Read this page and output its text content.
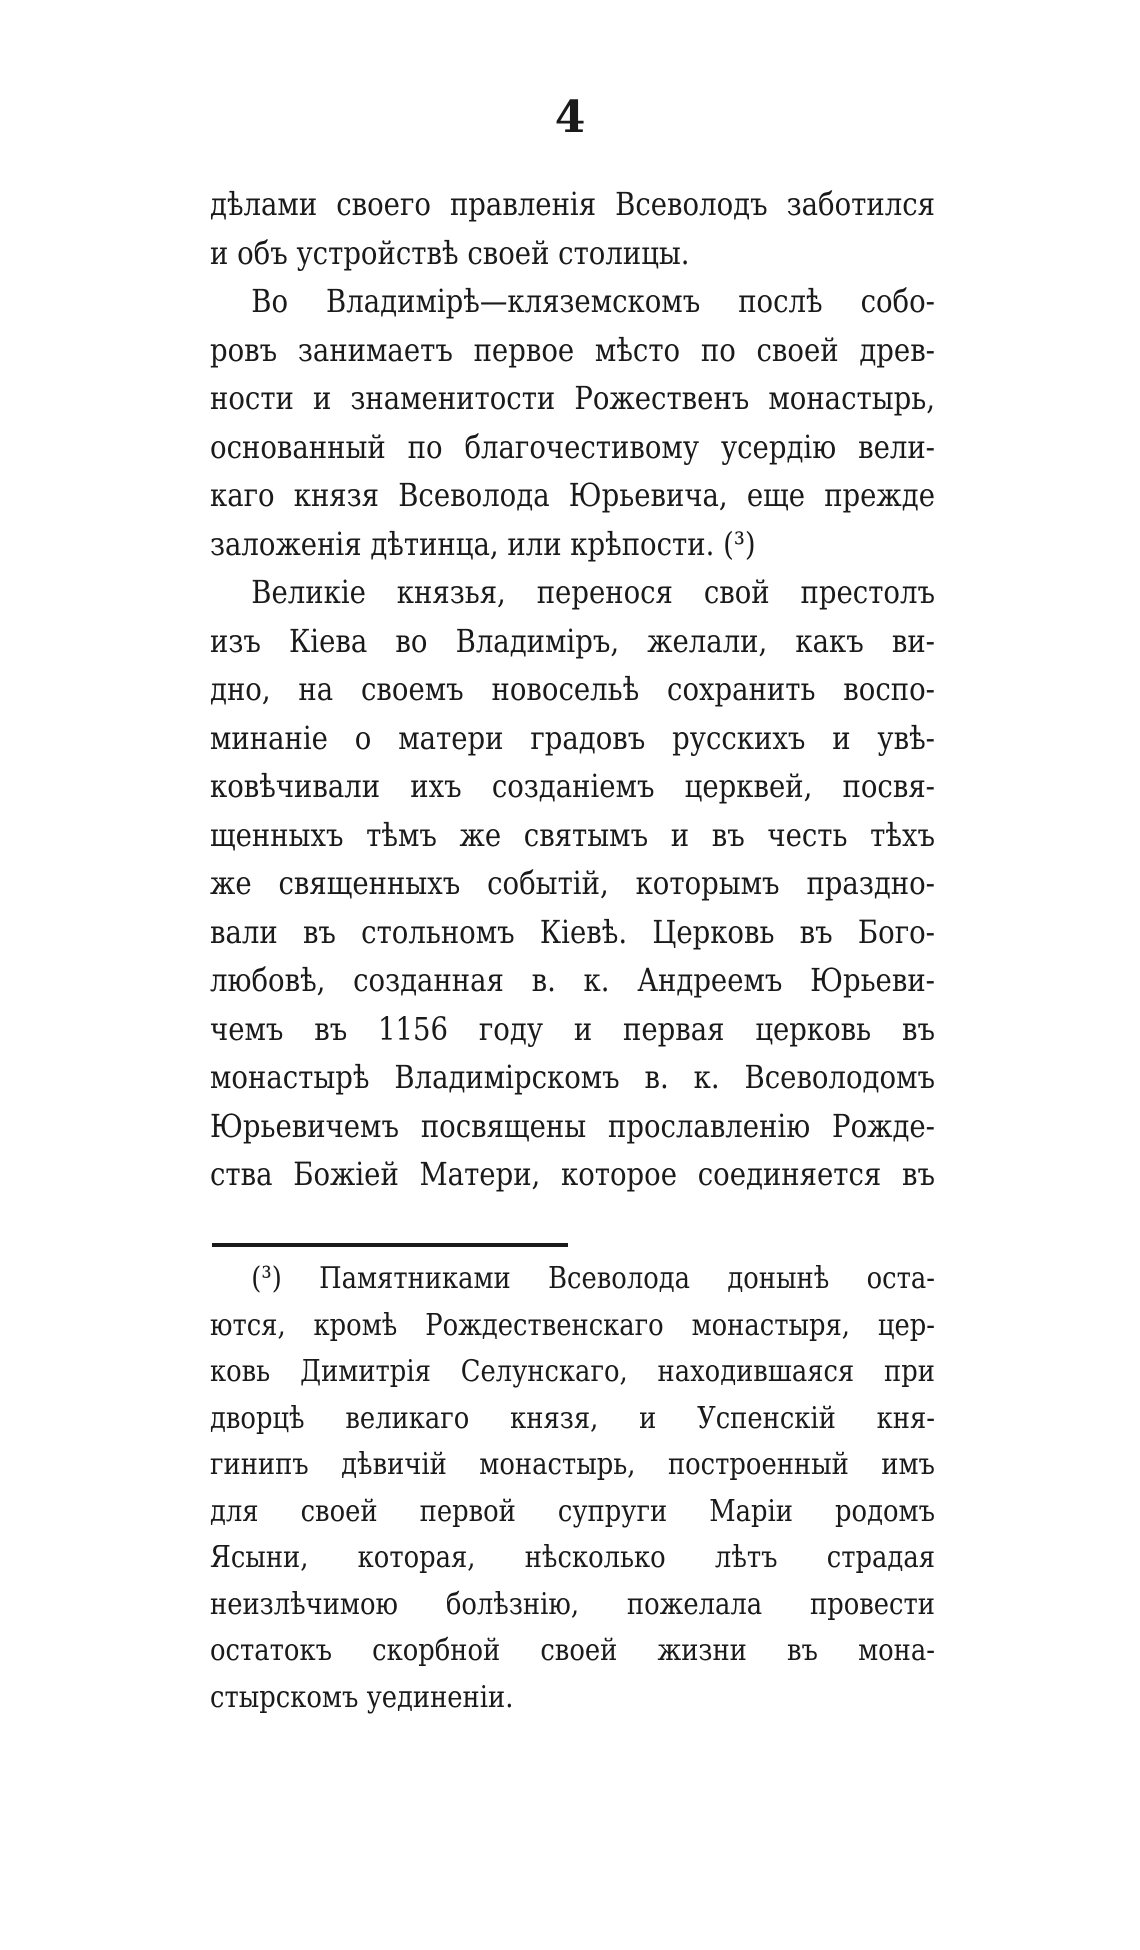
4
дѣлами своего правленія Всеволодъ заботился
и объ устройствѣ своей столицы.
Во Владимірѣ—кляземскомъ послѣ собо-
ровъ занимаетъ первое мѣсто по своей древ-
ности и знаменитости Рожественъ монастырь,
основанный по благочестивому усердію вели-
каго князя Всеволода Юрьевича, еще прежде
заложенія дѣтинца, или крѣпости. (³)
Великіе князья, перенося свой престолъ
изъ Кіева во Владиміръ, желали, какъ ви-
дно, на своемъ новосельѣ сохранить воспо-
минаніе о матери градовъ русскихъ и увѣ-
ковѣчивали ихъ созданіемъ церквей, посвя-
щенныхъ тѣмъ же святымъ и въ честь тѣхъ
же священныхъ событій, которымъ праздно-
вали въ стольномъ Кіевѣ. Церковь въ Бого-
любовѣ, созданная в. к. Андреемъ Юрьеви-
чемъ въ 1156 году и первая церковь въ
монастырѣ Владимірскомъ в. к. Всеволодомъ
Юрьевичемъ посвящены прославленію Рожде-
ства Божіей Матери, которое соединяется въ
(³) Памятниками Всеволода донынѣ оста-
ются, кромѣ Рождественскаго монастыря, цер-
ковь Димитрія Селунскаго, находившаяся при
дворцѣ великаго князя, и Успенскій кня-
гинипъ дѣвичій монастырь, построенный имъ
для своей первой супруги Маріи родомъ
Ясыни, которая, нѣсколько лѣтъ страдая
неизлѣчимою болѣзнію, пожелала провести
остатокъ скорбной своей жизни въ мона-
стырскомъ уединеніи.
